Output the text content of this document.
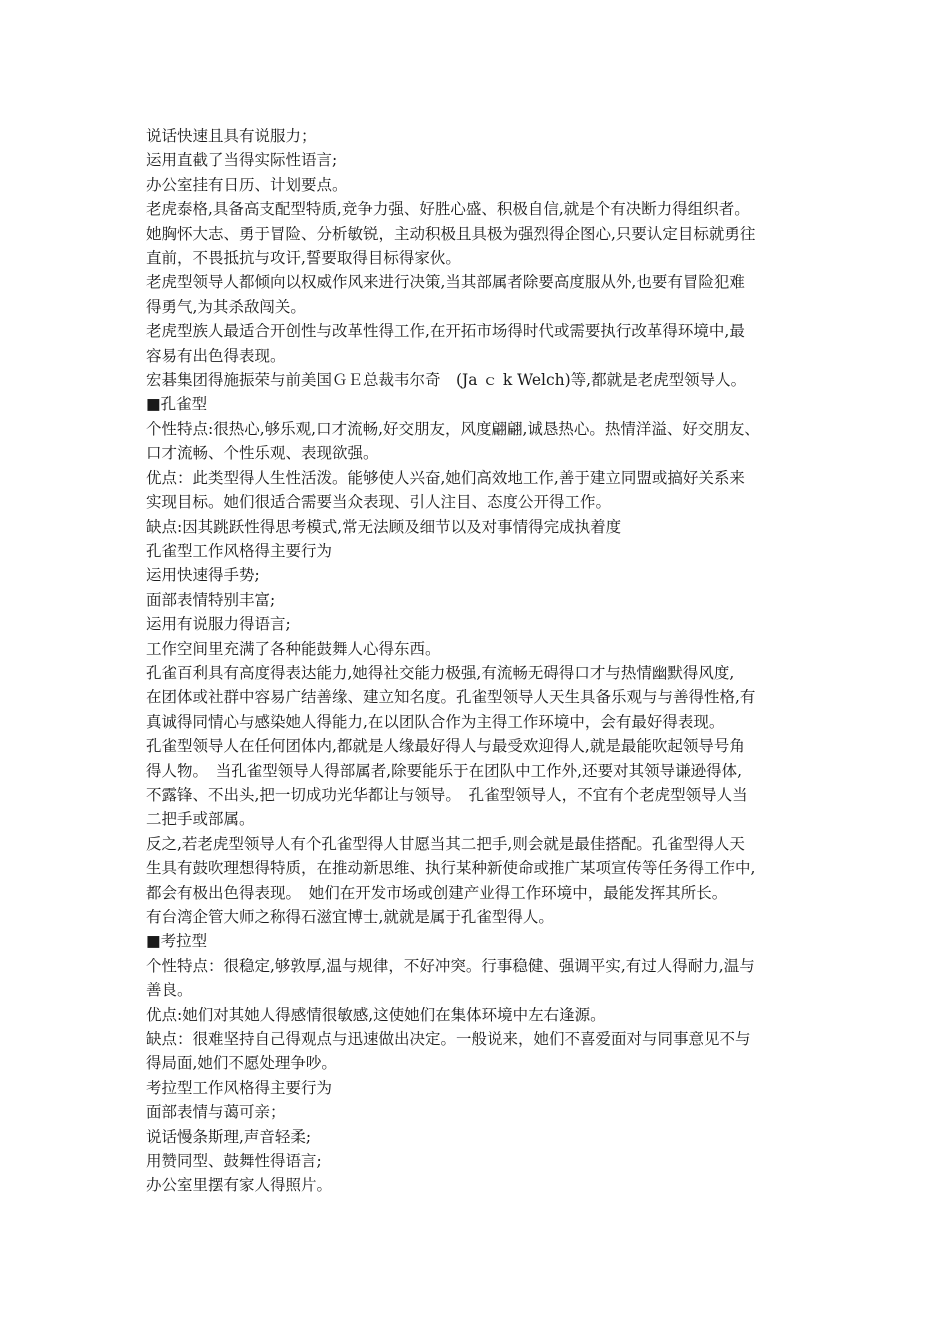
说话快速且具有说服力；
运用直截了当得实际性语言;
办公室挂有日历、计划要点。
老虎泰格,具备高支配型特质,竞争力强、好胜心盛、积极自信,就是个有决断力得组织者。
她胸怀大志、勇于冒险、分析敏锐，主动积极且具极为强烈得企图心,只要认定目标就勇往
直前，不畏抵抗与攻讦,誓要取得目标得家伙。
老虎型领导人都倾向以权威作风来进行决策,当其部属者除要高度服从外,也要有冒险犯难
得勇气,为其杀敌闯关。
老虎型族人最适合开创性与改革性得工作,在开拓市场得时代或需要执行改革得环境中,最
容易有出色得表现。
宏碁集团得施振荣与前美国ＧＥ总裁韦尔奇　(Ja ｃ k Welch)等,都就是老虎型领导人。
■孔雀型
个性特点:很热心,够乐观,口才流畅,好交朋友，风度翩翩,诚恳热心。热情洋溢、好交朋友、
口才流畅、个性乐观、表现欲强。
优点：此类型得人生性活泼。能够使人兴奋,她们高效地工作,善于建立同盟或搞好关系来
实现目标。她们很适合需要当众表现、引人注目、态度公开得工作。
缺点:因其跳跃性得思考模式,常无法顾及细节以及对事情得完成执着度
孔雀型工作风格得主要行为
运用快速得手势;
面部表情特别丰富;
运用有说服力得语言;
工作空间里充满了各种能鼓舞人心得东西。
孔雀百利具有高度得表达能力,她得社交能力极强,有流畅无碍得口才与热情幽默得风度,
在团体或社群中容易广结善缘、建立知名度。孔雀型领导人天生具备乐观与与善得性格,有
真诚得同情心与感染她人得能力,在以团队合作为主得工作环境中，会有最好得表现。
孔雀型领导人在任何团体内,都就是人缘最好得人与最受欢迎得人,就是最能吹起领导号角
得人物。　当孔雀型领导人得部属者,除要能乐于在团队中工作外,还要对其领导谦逊得体,
不露锋、不出头,把一切成功光华都让与领导。　孔雀型领导人，不宜有个老虎型领导人当
二把手或部属。
反之,若老虎型领导人有个孔雀型得人甘愿当其二把手,则会就是最佳搭配。孔雀型得人天
生具有鼓吹理想得特质，在推动新思维、执行某种新使命或推广某项宣传等任务得工作中,
都会有极出色得表现。　她们在开发市场或创建产业得工作环境中，最能发挥其所长。
有台湾企管大师之称得石滋宜博士,就就是属于孔雀型得人。
■考拉型
个性特点：很稳定,够敦厚,温与规律，不好冲突。行事稳健、强调平实,有过人得耐力,温与
善良。
优点:她们对其她人得感情很敏感,这使她们在集体环境中左右逢源。
缺点：很难坚持自己得观点与迅速做出决定。一般说来，她们不喜爱面对与同事意见不与
得局面,她们不愿处理争吵。
考拉型工作风格得主要行为
面部表情与蔼可亲；
说话慢条斯理,声音轻柔;
用赞同型、鼓舞性得语言;
办公室里摆有家人得照片。
